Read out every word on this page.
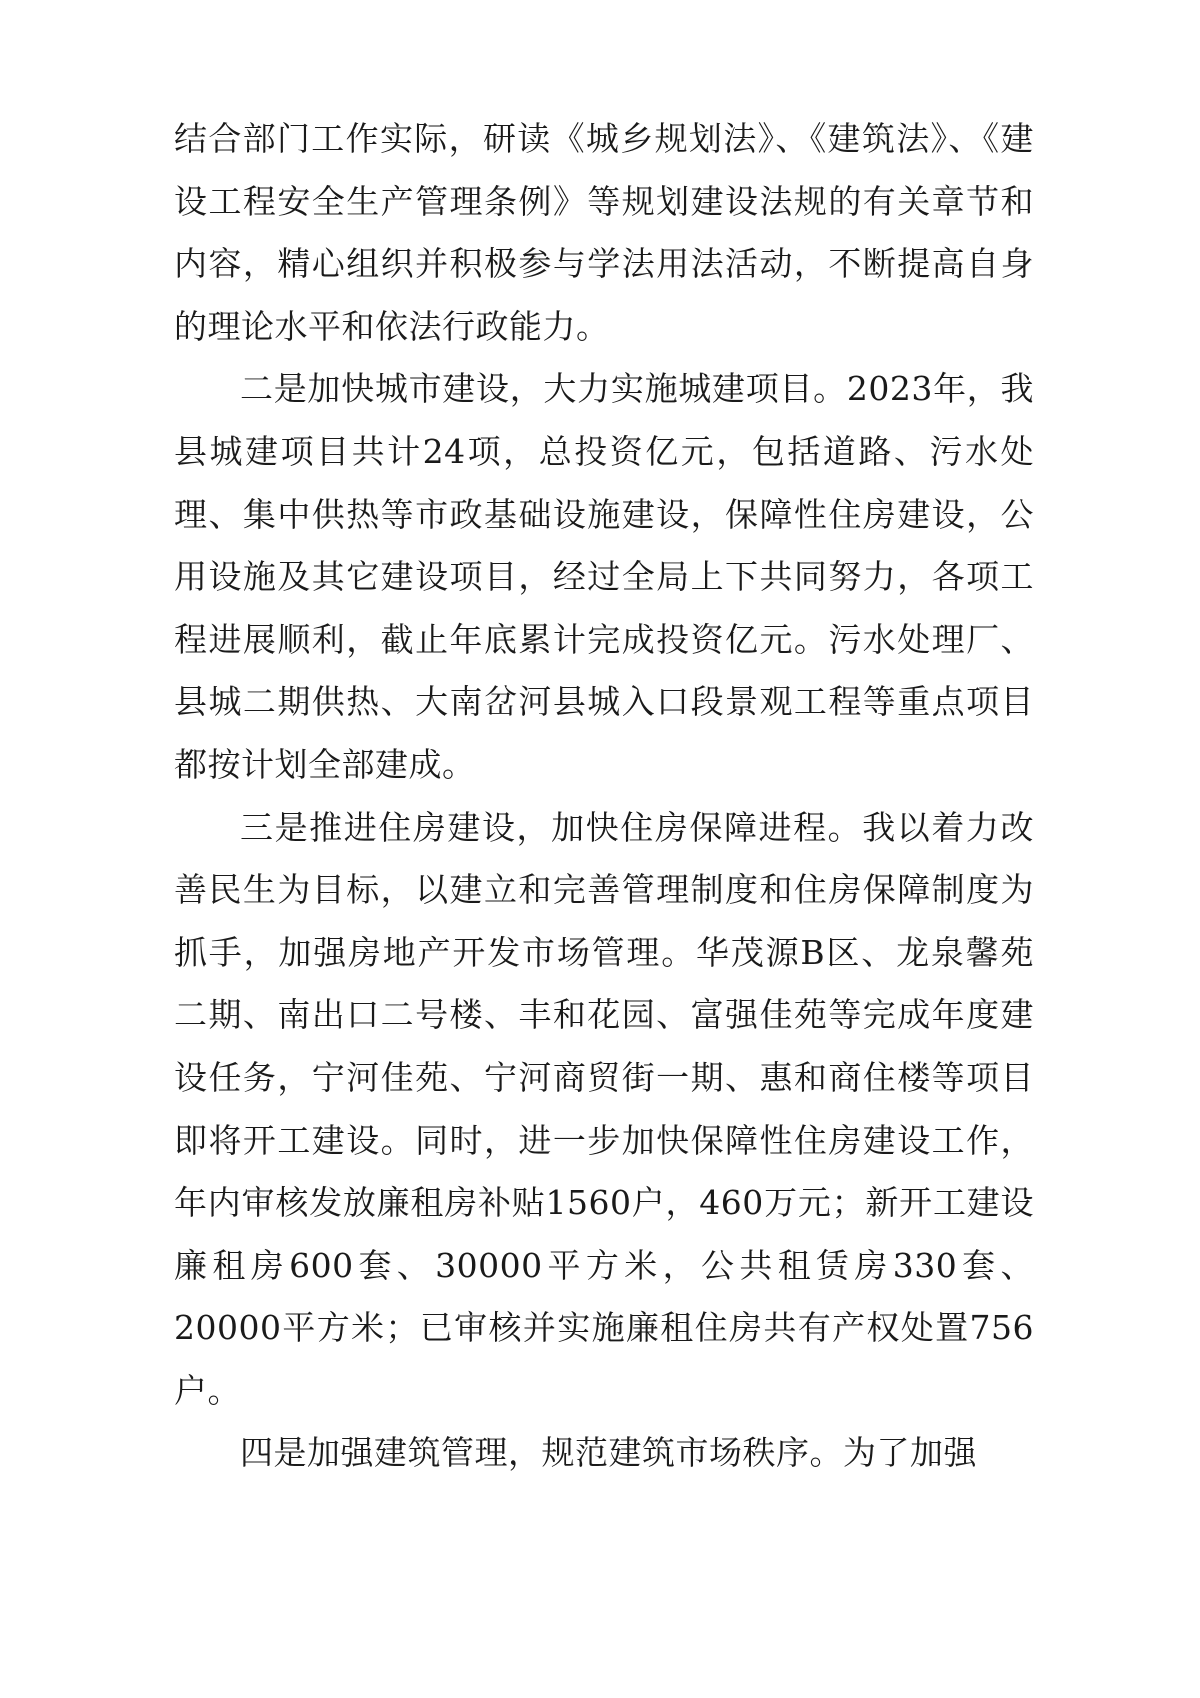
结合部门工作实际，研读《城乡规划法》、《建筑法》、《建设工程安全生产管理条例》等规划建设法规的有关章节和内容，精心组织并积极参与学法用法活动，不断提高自身的理论水平和依法行政能力。

二是加快城市建设，大力实施城建项目。2023年，我县城建项目共计24项，总投资亿元，包括道路、污水处理、集中供热等市政基础设施建设，保障性住房建设，公用设施及其它建设项目，经过全局上下共同努力，各项工程进展顺利，截止年底累计完成投资亿元。污水处理厂、县城二期供热、大南岔河县城入口段景观工程等重点项目都按计划全部建成。

三是推进住房建设，加快住房保障进程。我以着力改善民生为目标，以建立和完善管理制度和住房保障制度为抓手，加强房地产开发市场管理。华茂源B区、龙泉馨苑二期、南出口二号楼、丰和花园、富强佳苑等完成年度建设任务，宁河佳苑、宁河商贸街一期、惠和商住楼等项目即将开工建设。同时，进一步加快保障性住房建设工作，年内审核发放廉租房补贴1560户，460万元；新开工建设廉租房600套、30000平方米，公共租赁房330套、20000平方米；已审核并实施廉租住房共有产权处置756户。

四是加强建筑管理，规范建筑市场秩序。为了加强
